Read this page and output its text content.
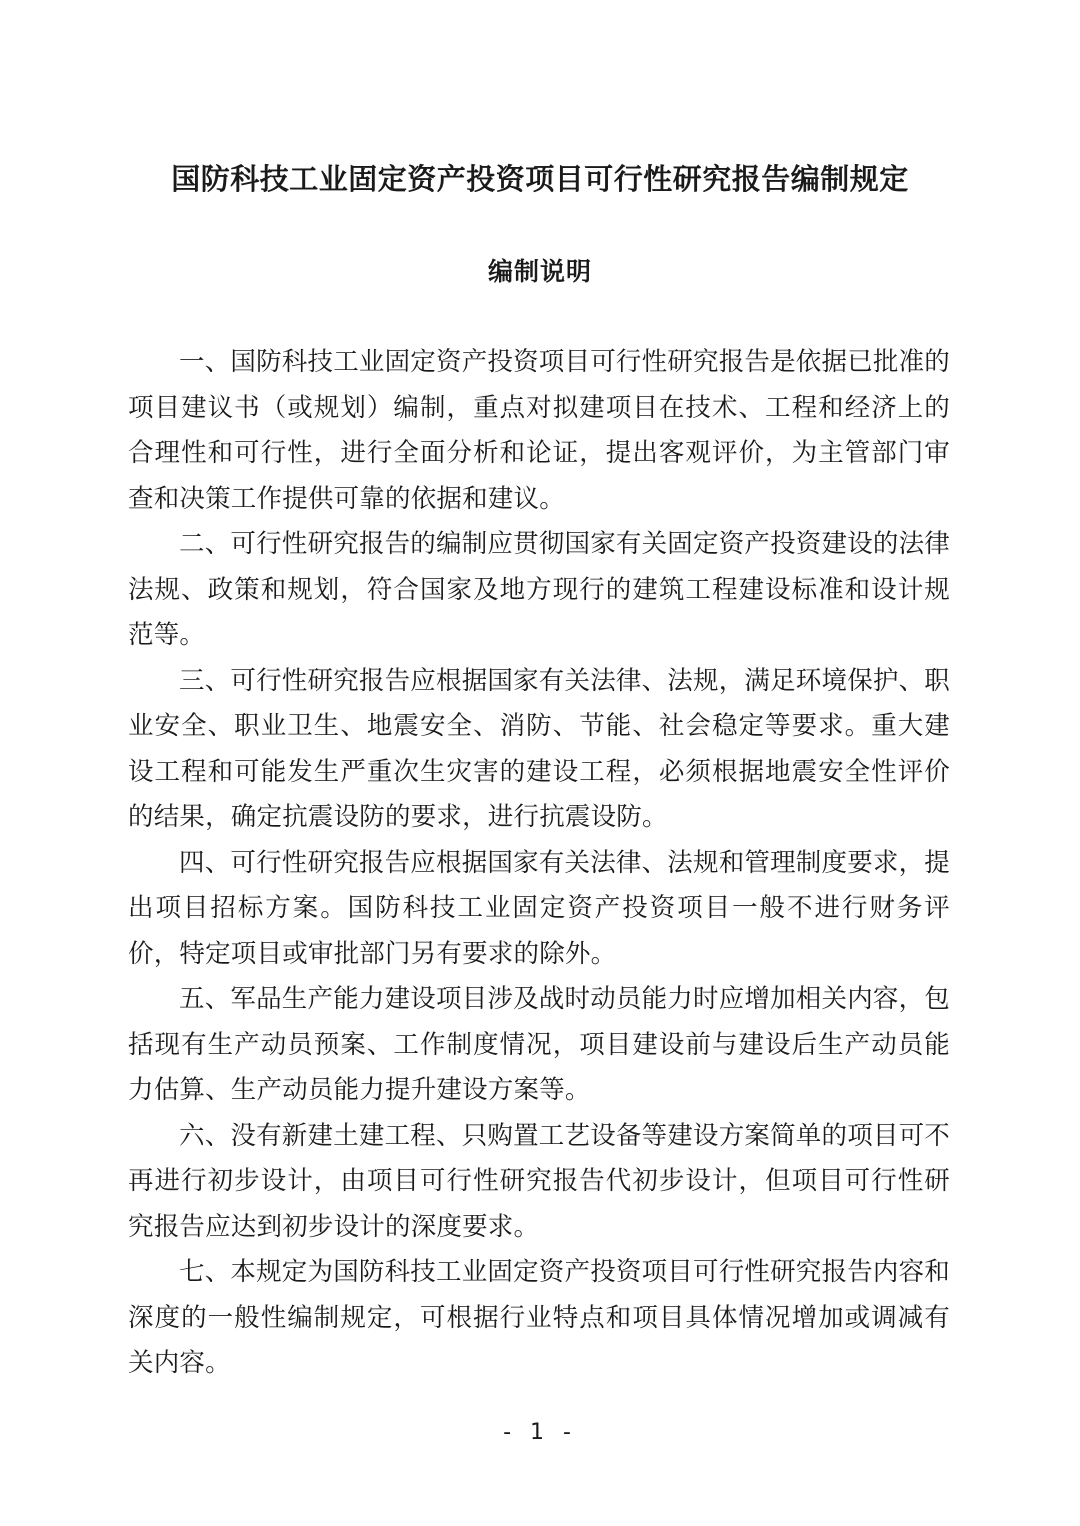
国防科技工业固定资产投资项目可行性研究报告编制规定
编制说明

一、国防科技工业固定资产投资项目可行性研究报告是依据已批准的项目建议书（或规划）编制，重点对拟建项目在技术、工程和经济上的合理性和可行性，进行全面分析和论证，提出客观评价，为主管部门审查和决策工作提供可靠的依据和建议。

二、可行性研究报告的编制应贯彻国家有关固定资产投资建设的法律法规、政策和规划，符合国家及地方现行的建筑工程建设标准和设计规范等。

三、可行性研究报告应根据国家有关法律、法规，满足环境保护、职业安全、职业卫生、地震安全、消防、节能、社会稳定等要求。重大建设工程和可能发生严重次生灾害的建设工程，必须根据地震安全性评价的结果，确定抗震设防的要求，进行抗震设防。

四、可行性研究报告应根据国家有关法律、法规和管理制度要求，提出项目招标方案。国防科技工业固定资产投资项目一般不进行财务评价，特定项目或审批部门另有要求的除外。

五、军品生产能力建设项目涉及战时动员能力时应增加相关内容，包括现有生产动员预案、工作制度情况，项目建设前与建设后生产动员能力估算、生产动员能力提升建设方案等。

六、没有新建土建工程、只购置工艺设备等建设方案简单的项目可不再进行初步设计，由项目可行性研究报告代初步设计，但项目可行性研究报告应达到初步设计的深度要求。

七、本规定为国防科技工业固定资产投资项目可行性研究报告内容和深度的一般性编制规定，可根据行业特点和项目具体情况增加或调减有关内容。

- 1 -
